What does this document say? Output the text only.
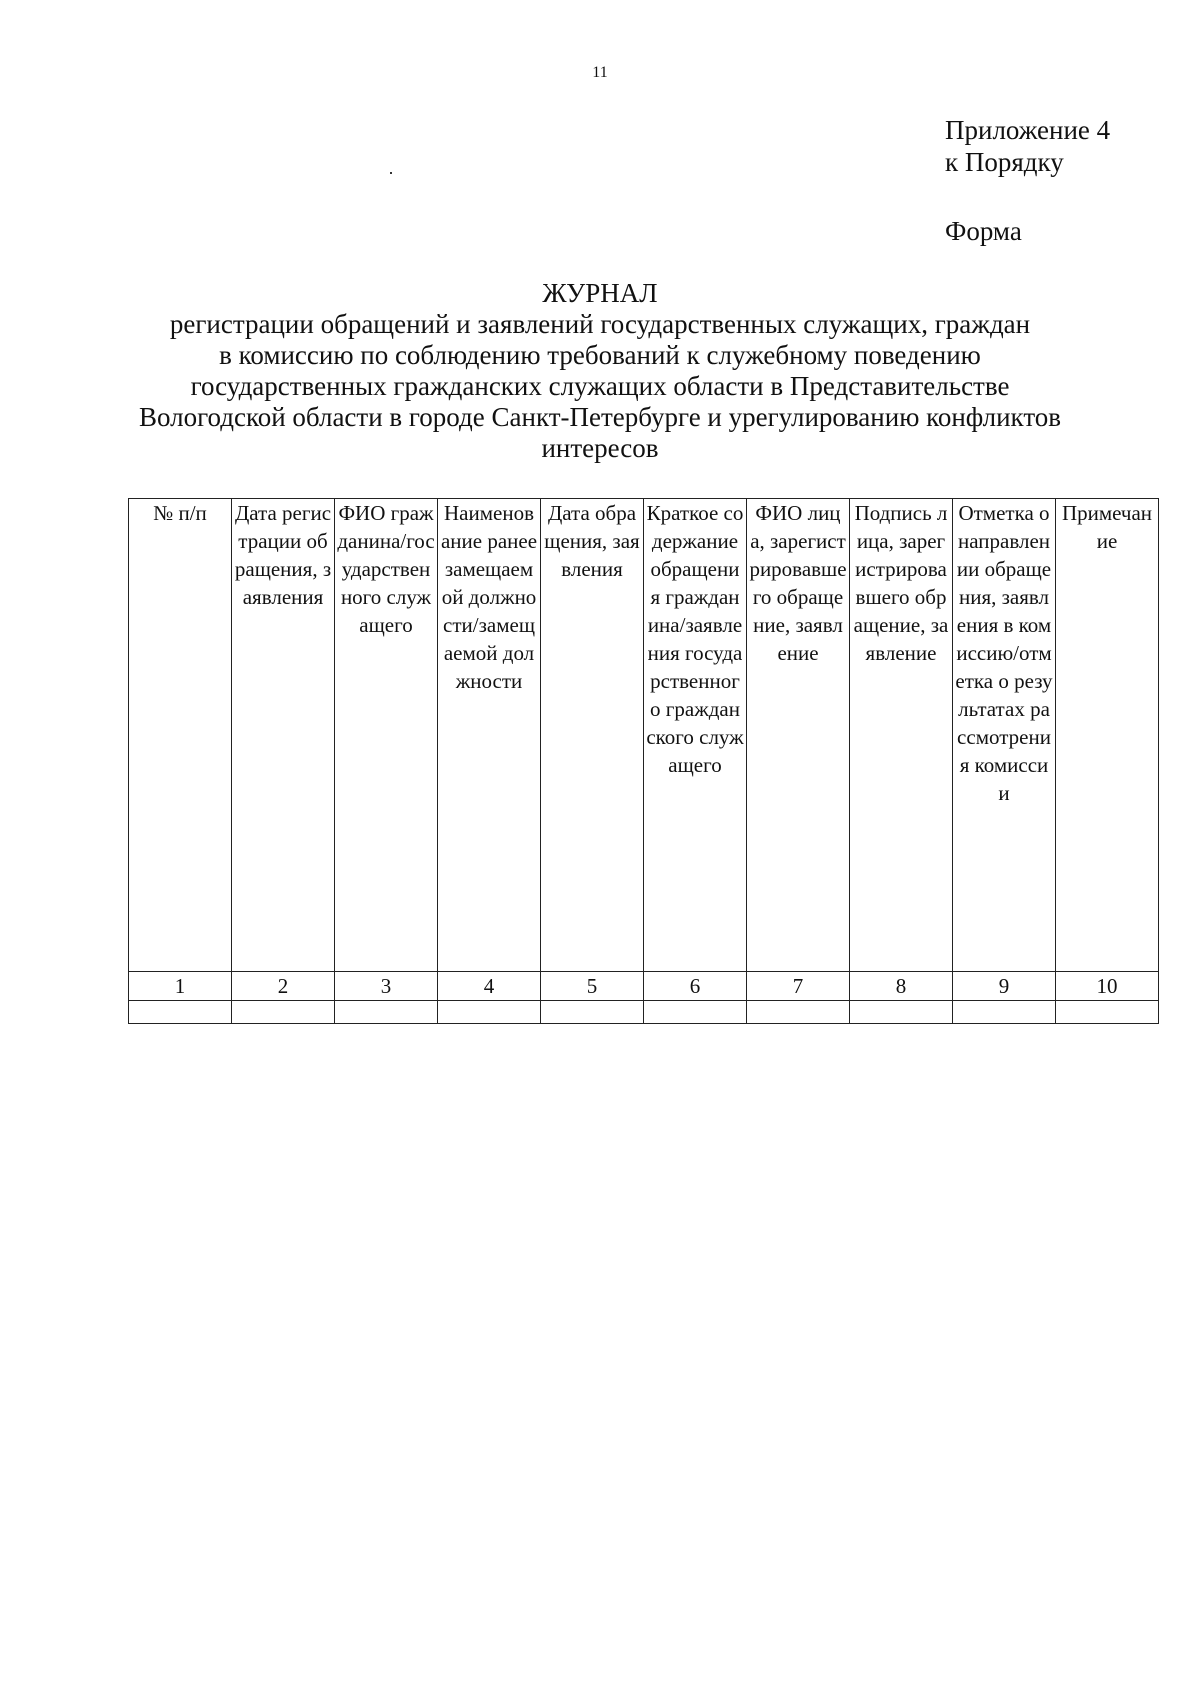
11
Приложение 4
к Порядку
Форма
ЖУРНАЛ
регистрации обращений и заявлений государственных служащих, граждан
в комиссию по соблюдению требований к служебному поведению
государственных гражданских служащих области в Представительстве
Вологодской области в городе Санкт-Петербурге и урегулированию конфликтов
интересов
№ п/п	Дата регистрации обращения, заявления	ФИО гражданина/государственного служащего	Наименование ранее замещаемой должности/замещаемой должности	Дата обращения, заявления	Краткое содержание обращения гражданина/заявления государственного гражданского служащего	ФИО лица, зарегистрировавшего обращение, заявление	Подпись лица, зарегистрировавшего обращение, заявление	Отметка о направлении обращения, заявления в комиссию/отметка о результатах рассмотрения комиссии	Примечание
1	2	3	4	5	6	7	8	9	10
